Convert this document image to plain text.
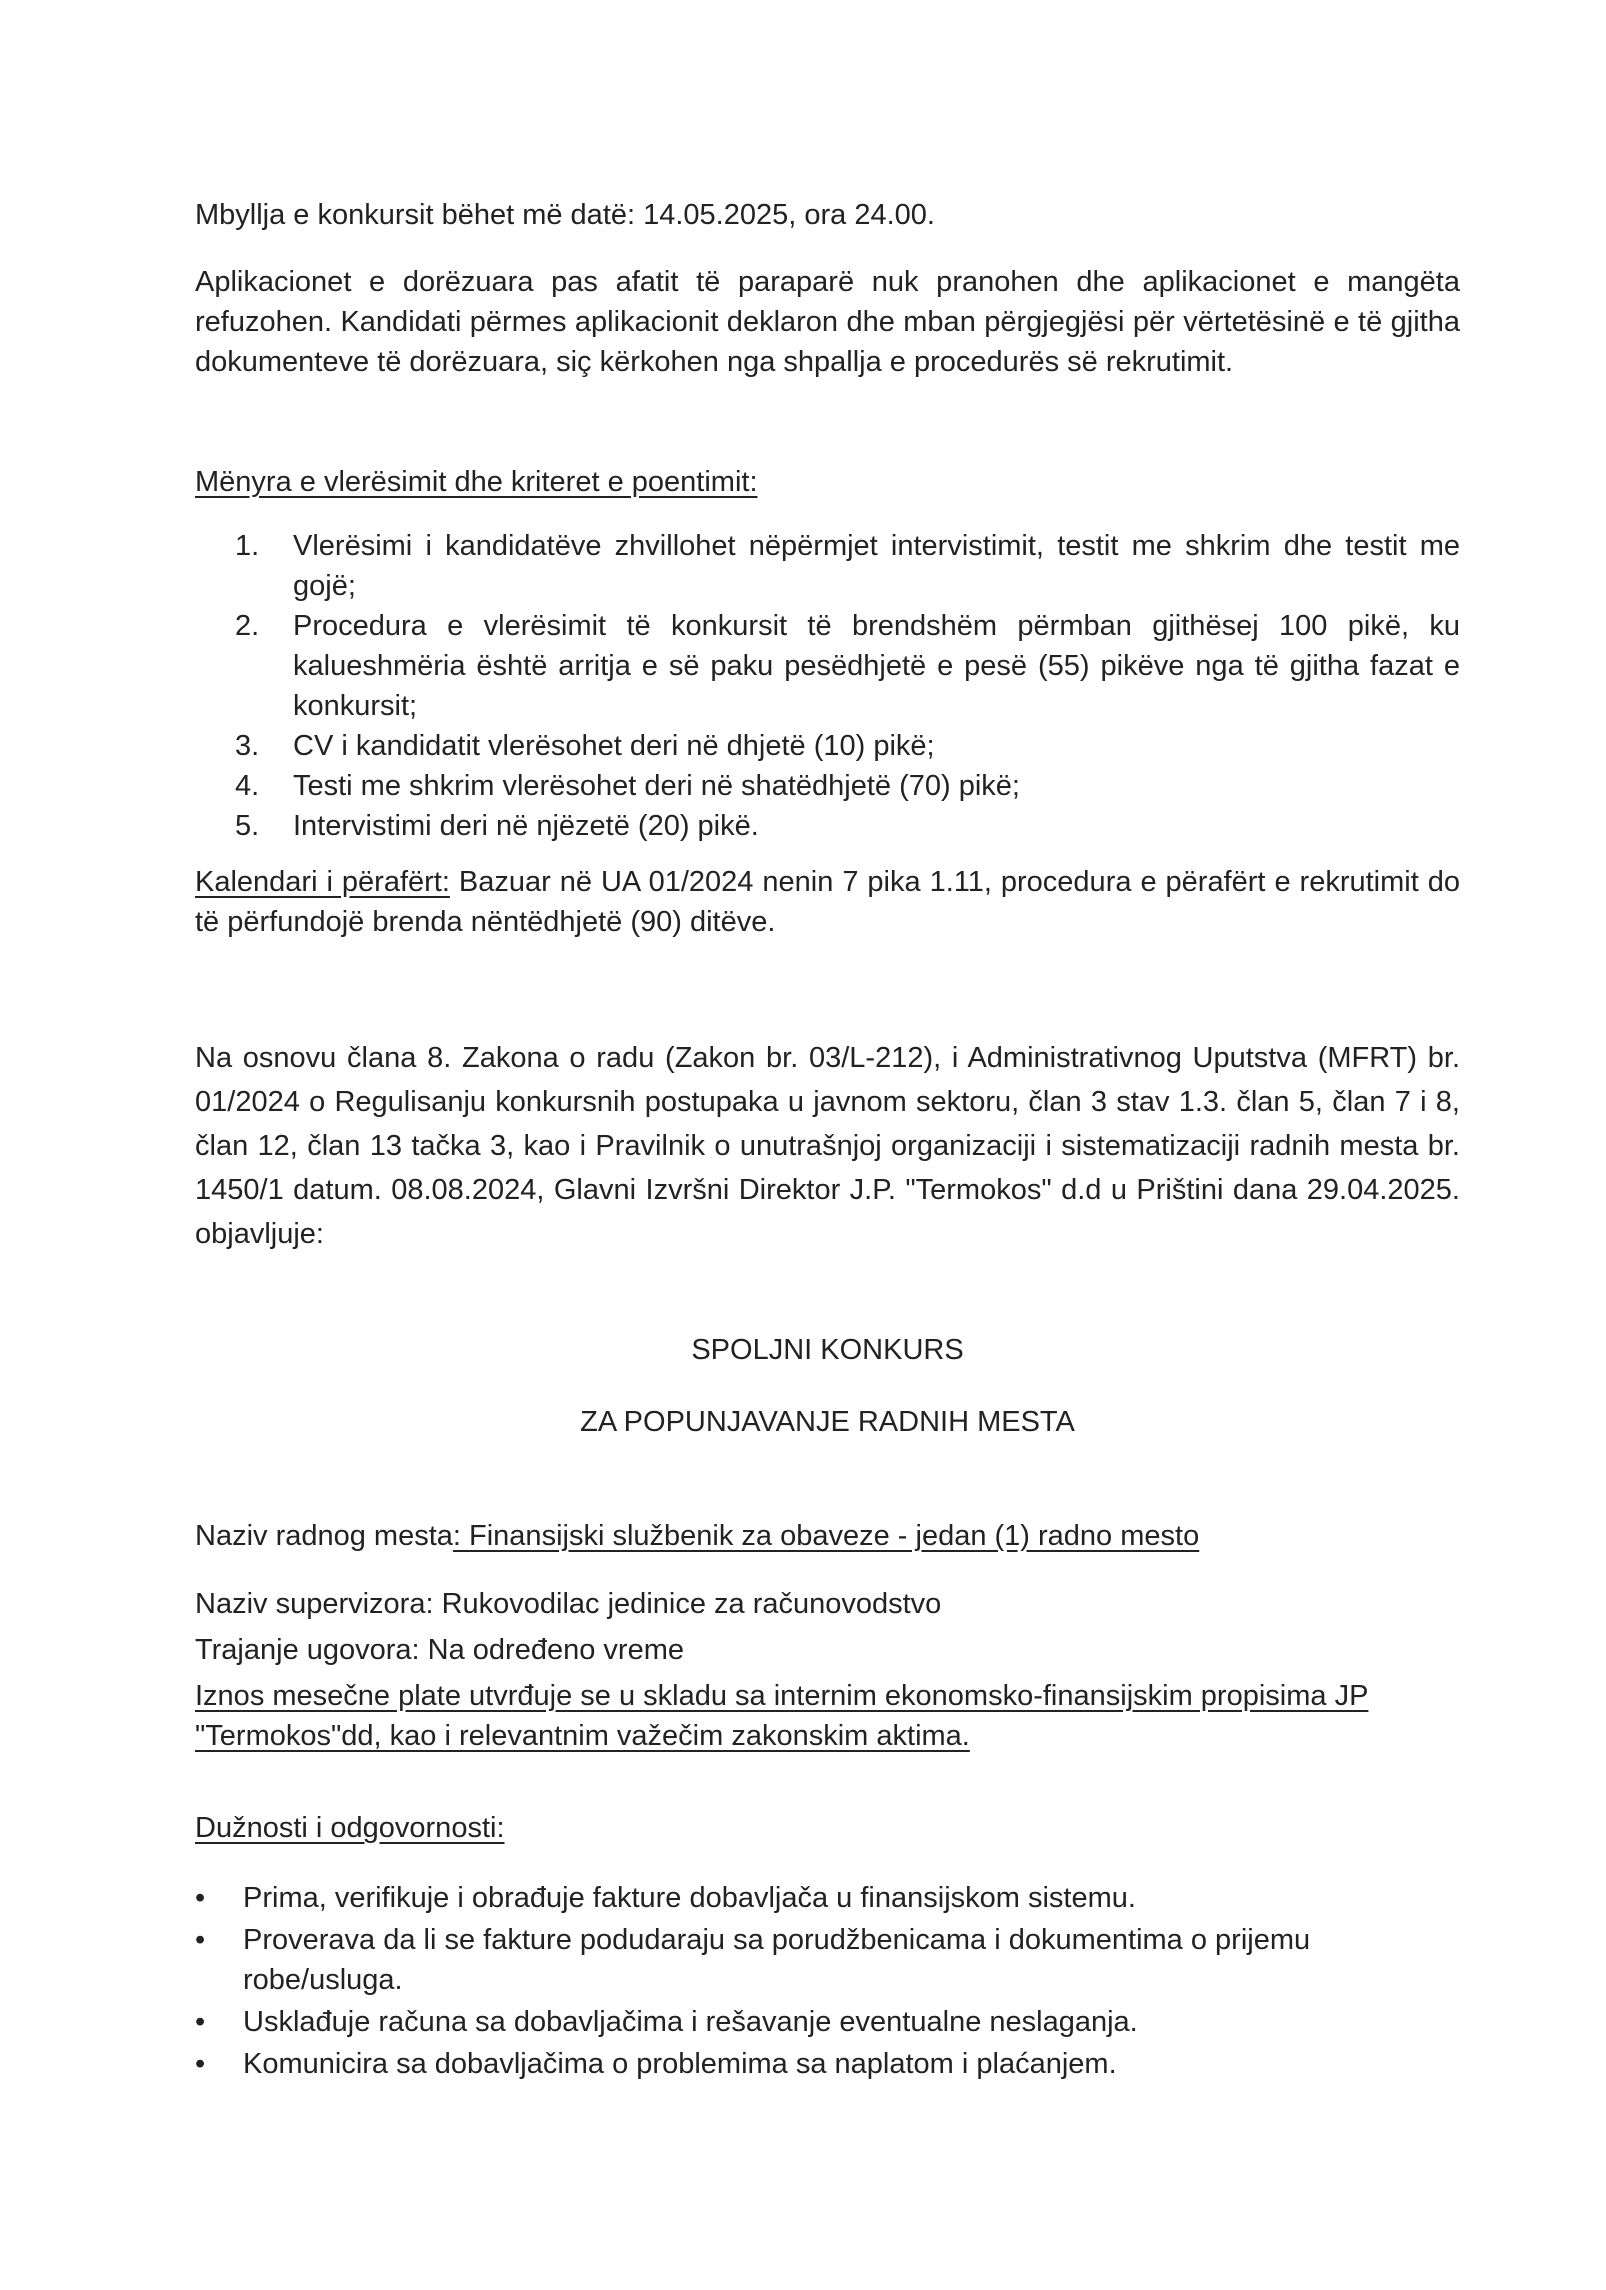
Mbyllja e konkursit bëhet më datë: 14.05.2025, ora 24.00.
Aplikacionet e dorëzuara pas afatit të paraparë nuk pranohen dhe aplikacionet e mangëta refuzohen. Kandidati përmes aplikacionit deklaron dhe mban përgjegjësi për vërtetësinë e të gjitha dokumenteve të dorëzuara, siç kërkohen nga shpallja e procedurës së rekrutimit.
Mënyra e vlerësimit dhe kriteret e poentimit:
1. Vlerësimi i kandidatëve zhvillohet nëpërmjet intervistimit, testit me shkrim dhe testit me gojë;
2. Procedura e vlerësimit të konkursit të brendshëm përmban gjithësej 100 pikë, ku kalueshmëria është arritja e së paku pesëdhjetë e pesë (55) pikëve nga të gjitha fazat e konkursit;
3. CV i kandidatit vlerësohet deri në dhjetë (10) pikë;
4. Testi me shkrim vlerësohet deri në shatëdhjetë (70) pikë;
5. Intervistimi deri në njëzetë (20) pikë.
Kalendari i përafërt: Bazuar në UA 01/2024 nenin 7 pika 1.11, procedura e përafërt e rekrutimit do të përfundojë brenda nëntëdhjetë (90) ditëve.
Na osnovu člana 8. Zakona o radu (Zakon br. 03/L-212), i Administrativnog Uputstva (MFRT) br. 01/2024 o Regulisanju konkursnih postupaka u javnom sektoru, član 3 stav 1.3. član 5, član 7 i 8, član 12, član 13 tačka 3, kao i Pravilnik o unutrašnjoj organizaciji i sistematizaciji radnih mesta br. 1450/1 datum. 08.08.2024, Glavni Izvršni Direktor J.P. "Termokos" d.d u Prištini dana 29.04.2025. objavljuje:
SPOLJNI KONKURS
ZA POPUNJAVANJE RADNIH MESTA
Naziv radnog mesta: Finansijski službenik za obaveze - jedan (1) radno mesto
Naziv supervizora: Rukovodilac jedinice za računovodstvo
Trajanje ugovora: Na određeno vreme
Iznos mesečne plate utvrđuje se u skladu sa internim ekonomsko-finansijskim propisima JP "Termokos"dd, kao i relevantnim važečim zakonskim aktima.
Dužnosti i odgovornosti:
• Prima, verifikuje i obrađuje fakture dobavljača u finansijskom sistemu.
• Proverava da li se fakture podudaraju sa porudžbenicama i dokumentima o prijemu robe/usluga.
• Usklađuje računa sa dobavljačima i rešavanje eventualne neslaganja.
• Komunicira sa dobavljačima o problemima sa naplatom i plaćanjem.
